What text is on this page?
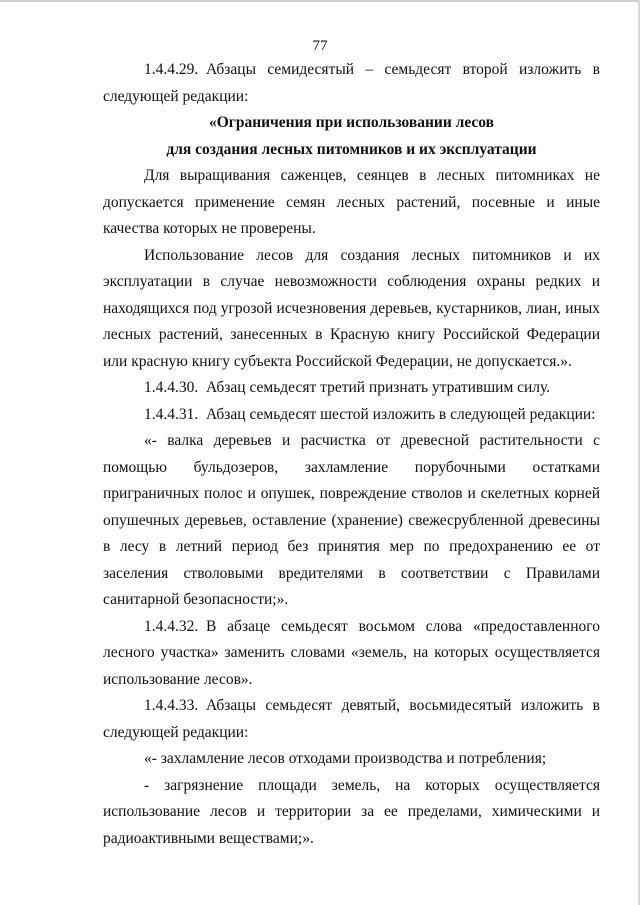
77

1.4.4.29. Абзацы семидесятый – семьдесят второй изложить в следующей редакции:

«Ограничения при использовании лесов

для создания лесных питомников и их эксплуатации

Для выращивания саженцев, сеянцев в лесных питомниках не допускается применение семян лесных растений, посевные и иные качества которых не проверены.

Использование лесов для создания лесных питомников и их эксплуатации в случае невозможности соблюдения охраны редких и находящихся под угрозой исчезновения деревьев, кустарников, лиан, иных лесных растений, занесенных в Красную книгу Российской Федерации или красную книгу субъекта Российской Федерации, не допускается.».

1.4.4.30. Абзац семьдесят третий признать утратившим силу.

1.4.4.31. Абзац семьдесят шестой изложить в следующей редакции:

«- валка деревьев и расчистка от древесной растительности с помощью бульдозеров, захламление порубочными остатками приграничных полос и опушек, повреждение стволов и скелетных корней опушечных деревьев, оставление (хранение) свежесрубленной древесины в лесу в летний период без принятия мер по предохранению ее от заселения стволовыми вредителями в соответствии с Правилами санитарной безопасности;».

1.4.4.32. В абзаце семьдесят восьмом слова «предоставленного лесного участка» заменить словами «земель, на которых осуществляется использование лесов».

1.4.4.33. Абзацы семьдесят девятый, восьмидесятый изложить в следующей редакции:

«- захламление лесов отходами производства и потребления;

- загрязнение площади земель, на которых осуществляется использование лесов и территории за ее пределами, химическими и радиоактивными веществами;».
